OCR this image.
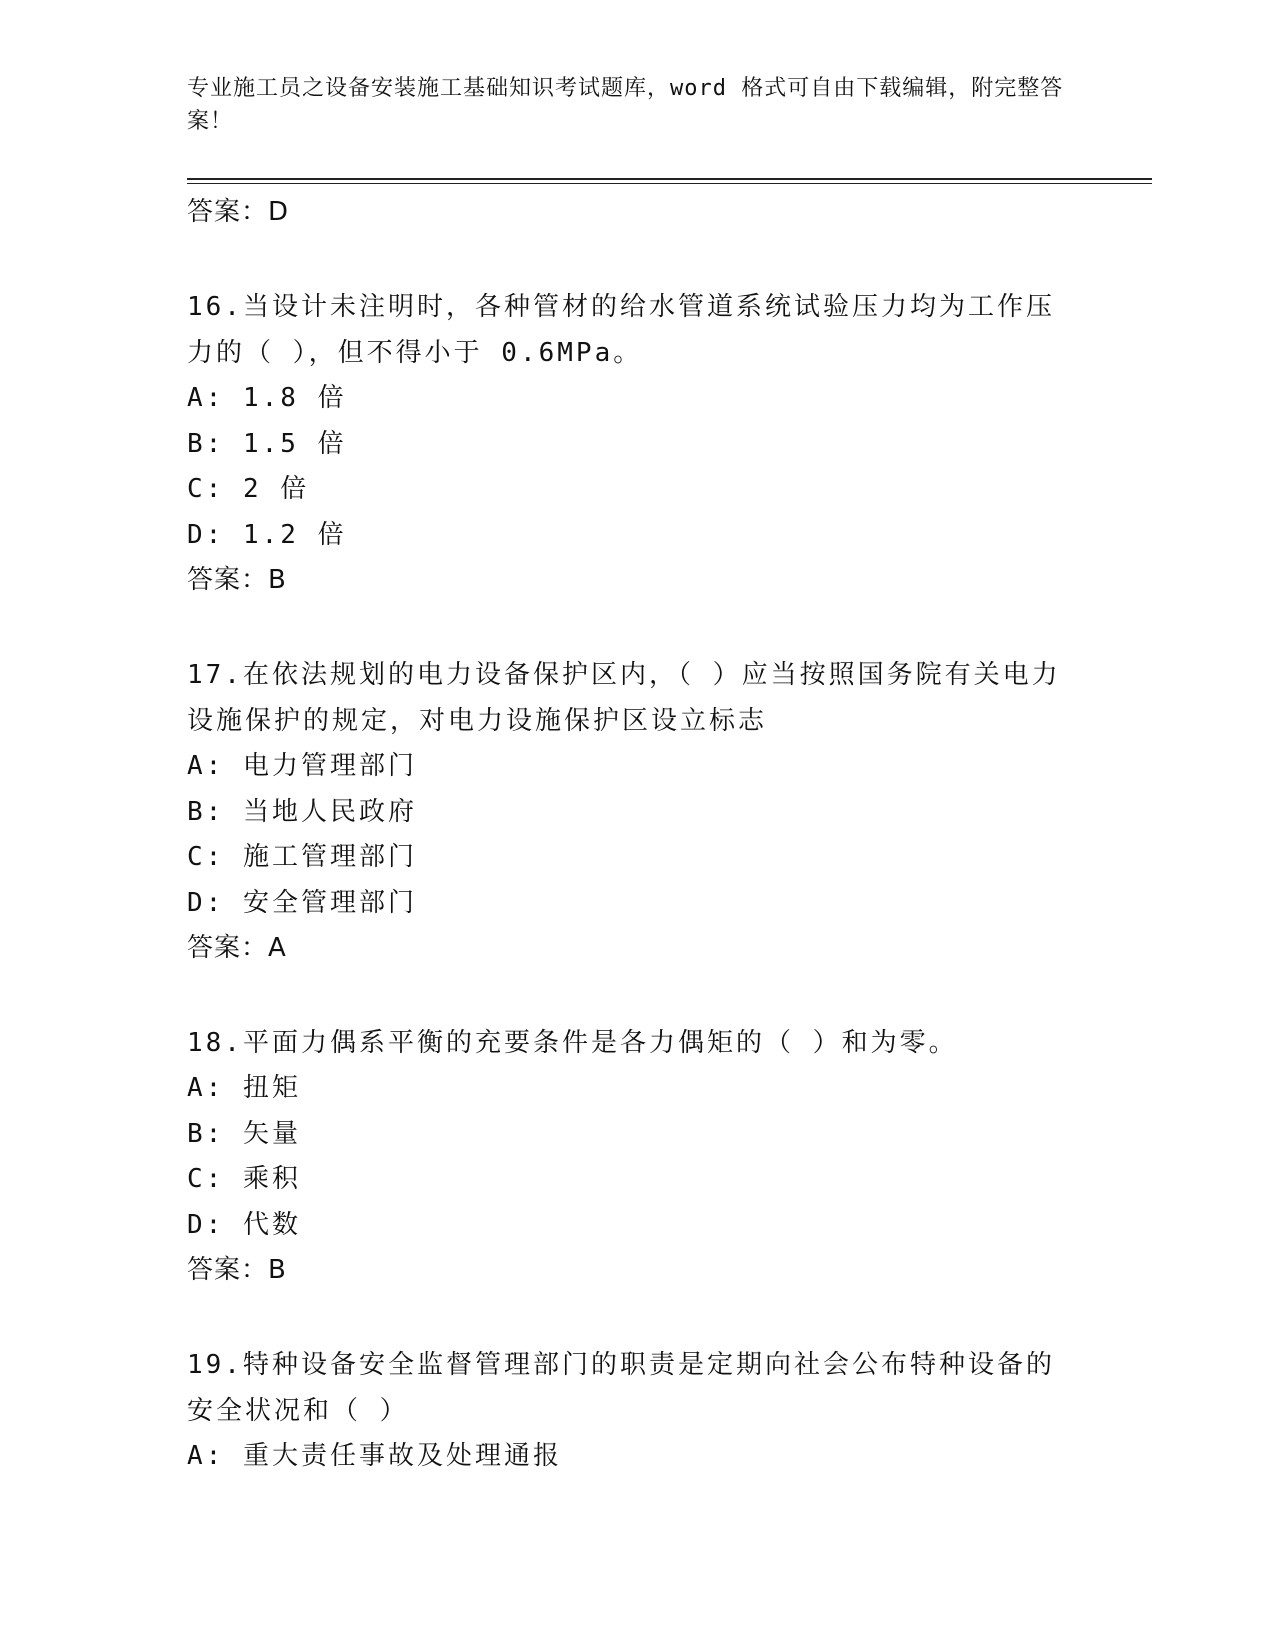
专业施工员之设备安装施工基础知识考试题库，word 格式可自由下载编辑，附完整答案！
答案：D
16.当设计未注明时，各种管材的给水管道系统试验压力均为工作压力的（ ），但不得小于 0.6MPa。
A: 1.8 倍
B: 1.5 倍
C: 2 倍
D: 1.2 倍
答案：B
17.在依法规划的电力设备保护区内，（ ）应当按照国务院有关电力设施保护的规定，对电力设施保护区设立标志
A: 电力管理部门
B: 当地人民政府
C: 施工管理部门
D: 安全管理部门
答案：A
18.平面力偶系平衡的充要条件是各力偶矩的（ ）和为零。
A: 扭矩
B: 矢量
C: 乘积
D: 代数
答案：B
19.特种设备安全监督管理部门的职责是定期向社会公布特种设备的安全状况和（ ）
A: 重大责任事故及处理通报
